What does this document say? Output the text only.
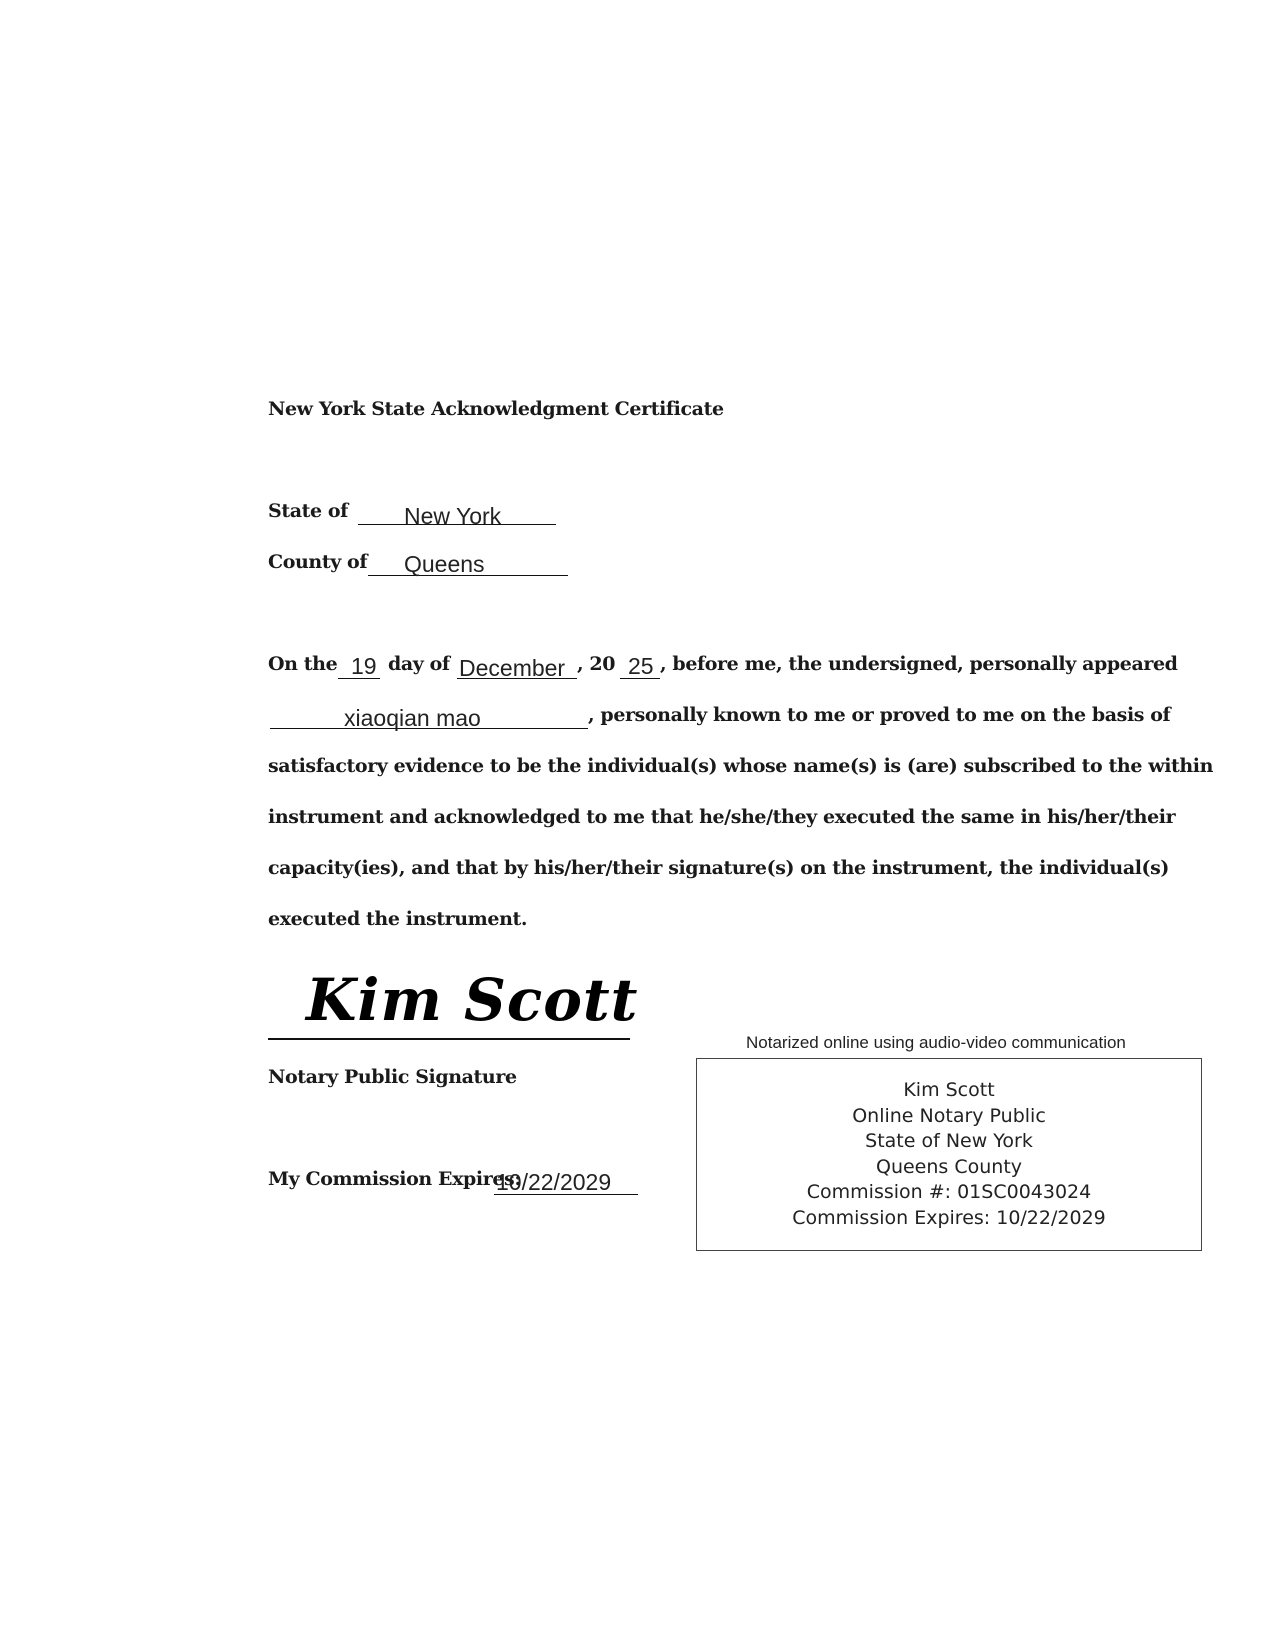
New York State Acknowledgment Certificate
State of New York
County of Queens
On the 19 day of December , 20 25 , before me, the undersigned, personally appeared
xiaoqian mao	, personally known to me or proved to me on the basis of
satisfactory evidence to be the individual(s) whose name(s) is (are) subscribed to the within
instrument and acknowledged to me that he/she/they executed the same in his/her/their
capacity(ies), and that by his/her/their signature(s) on the instrument, the individual(s)
executed the instrument.
Kim Scott
Notary Public Signature
My Commission Expires:
10/22/2029
Notarized online using audio-video communication
Kim Scott
Online Notary Public
State of New York
Queens County
Commission #: 01SC0043024
Commission Expires: 10/22/2029
